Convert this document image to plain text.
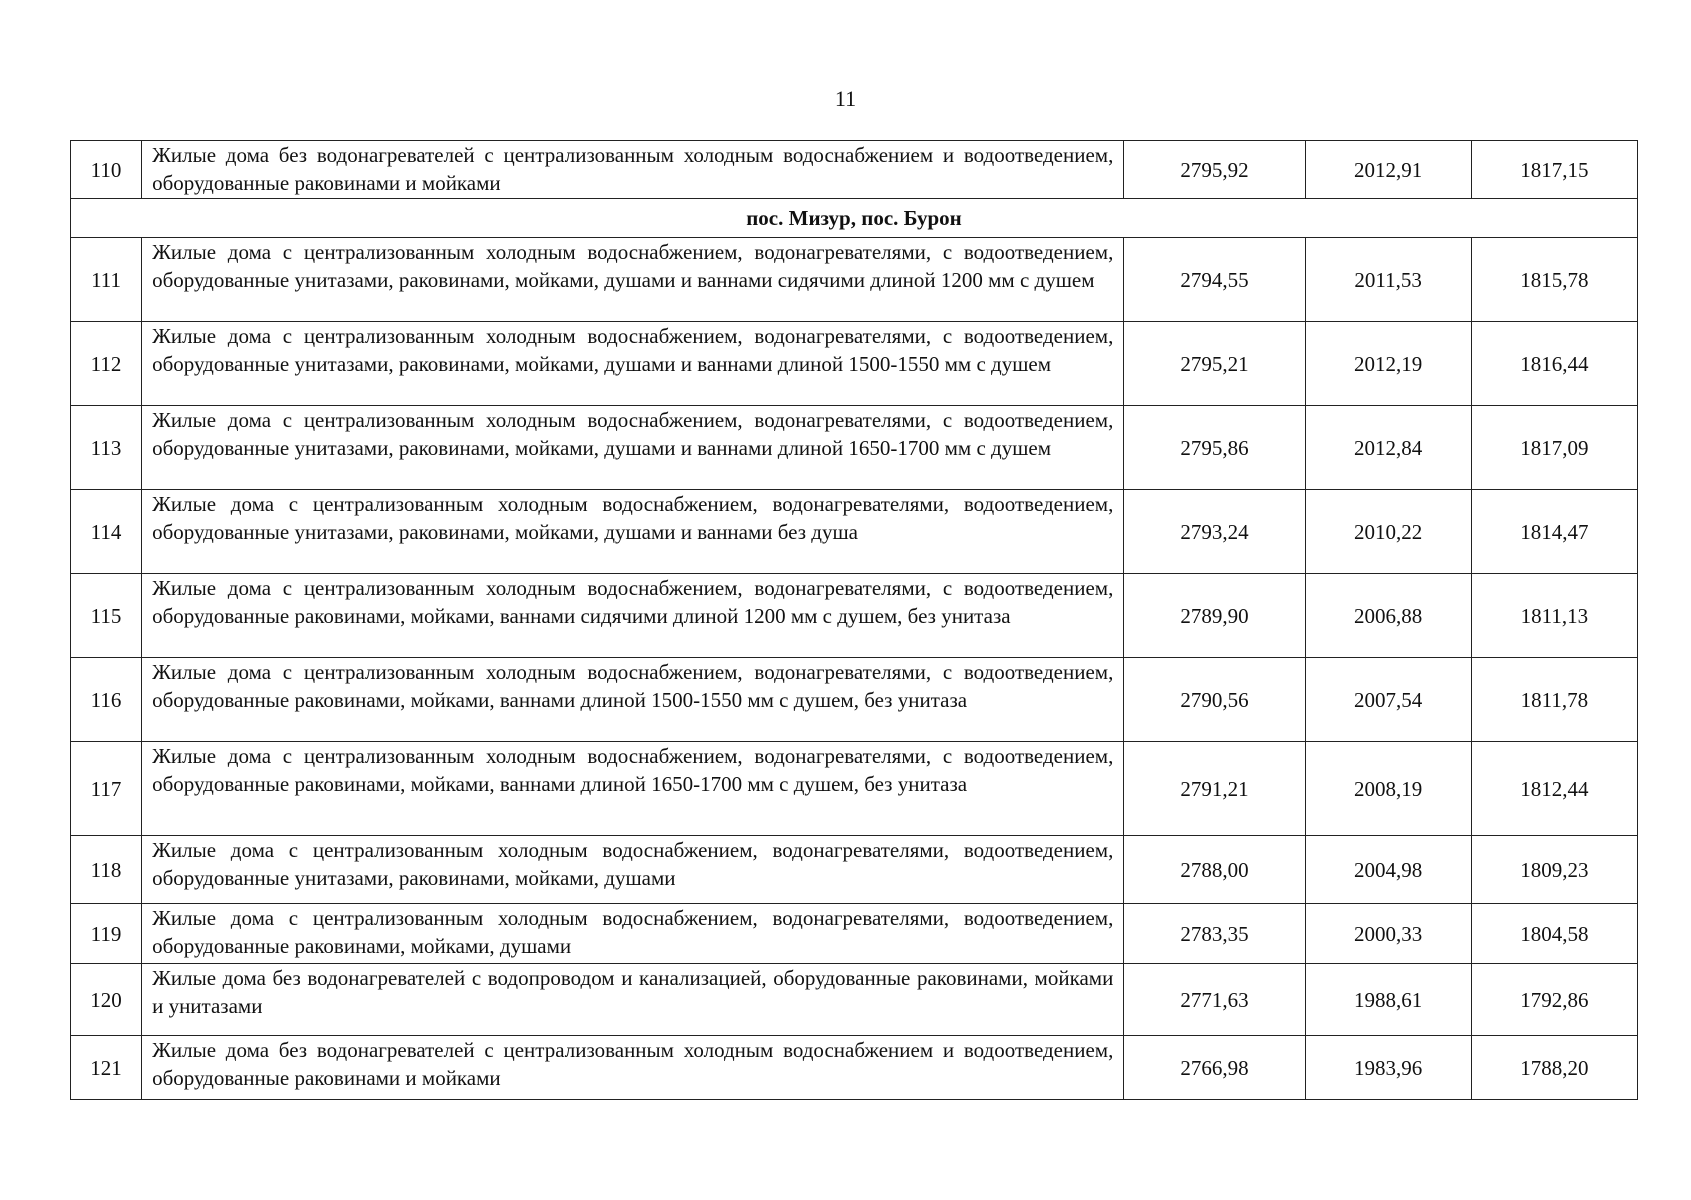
11
110	Жилые дома без водонагревателей с централизованным холодным водоснабжением и водоотведением, оборудованные раковинами и мойками	2795,92	2012,91	1817,15
пос. Мизур, пос. Бурон				
111	Жилые дома с централизованным холодным водоснабжением, водонагревателями, с водоотведением, оборудованные унитазами, раковинами, мойками, душами и ваннами сидячими длиной 1200 мм с душем	2794,55	2011,53	1815,78
112	Жилые дома с централизованным холодным водоснабжением, водонагревателями, с водоотведением, оборудованные унитазами, раковинами, мойками, душами и ваннами длиной 1500-1550 мм с душем	2795,21	2012,19	1816,44
113	Жилые дома с централизованным холодным водоснабжением, водонагревателями, с водоотведением, оборудованные унитазами, раковинами, мойками, душами и ваннами длиной 1650-1700 мм с душем	2795,86	2012,84	1817,09
114	Жилые дома с централизованным холодным водоснабжением, водонагревателями, водоотведением, оборудованные унитазами, раковинами, мойками, душами и ваннами без душа	2793,24	2010,22	1814,47
115	Жилые дома с централизованным холодным водоснабжением, водонагревателями, с водоотведением, оборудованные раковинами, мойками, ваннами сидячими длиной 1200 мм с душем, без унитаза	2789,90	2006,88	1811,13
116	Жилые дома с централизованным холодным водоснабжением, водонагревателями, с водоотведением, оборудованные раковинами, мойками, ваннами длиной 1500-1550 мм с душем, без унитаза	2790,56	2007,54	1811,78
117	Жилые дома с централизованным холодным водоснабжением, водонагревателями, с водоотведением, оборудованные раковинами, мойками, ваннами длиной 1650-1700 мм с душем, без унитаза	2791,21	2008,19	1812,44
118	Жилые дома с централизованным холодным водоснабжением, водонагревателями, водоотведением, оборудованные унитазами, раковинами, мойками, душами	2788,00	2004,98	1809,23
119	Жилые дома с централизованным холодным водоснабжением, водонагревателями, водоотведением, оборудованные раковинами, мойками, душами	2783,35	2000,33	1804,58
120	Жилые дома без водонагревателей с водопроводом и канализацией, оборудованные раковинами, мойками и унитазами	2771,63	1988,61	1792,86
121	Жилые дома без водонагревателей с централизованным холодным водоснабжением и водоотведением, оборудованные раковинами и мойками	2766,98	1983,96	1788,20
